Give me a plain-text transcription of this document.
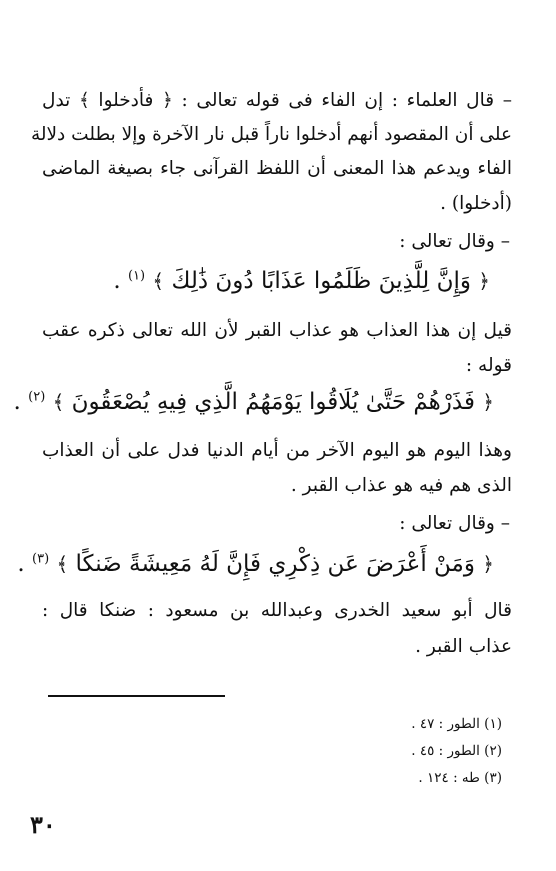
– قال العلماء : إن الفاء فى قوله تعالى : ﴿ فأدخلوا ﴾ تدل
على أن المقصود أنهم أدخلوا ناراً قبل نار الآخرة وإلا بطلت دلالة
الفاء ويدعم هذا المعنى أن اللفظ القرآنى جاء بصيغة الماضى
(أدخلوا) .
– وقال تعالى :
﴿ وَإِنَّ لِلَّذِينَ ظَلَمُوا عَذَابًا دُونَ ذَٰلِكَ ﴾ $^{(١)}$ .
قيل إن هذا العذاب هو عذاب القبر لأن الله تعالى ذكره عقب
قوله :
﴿ فَذَرْهُمْ حَتَّىٰ يُلَاقُوا يَوْمَهُمُ الَّذِي فِيهِ يُصْعَقُونَ ﴾ $^{(٢)}$ .
وهذا اليوم هو اليوم الآخر من أيام الدنيا فدل على أن العذاب
الذى هم فيه هو عذاب القبر .
– وقال تعالى :
﴿ وَمَنْ أَعْرَضَ عَن ذِكْرِي فَإِنَّ لَهُ مَعِيشَةً ضَنكًا ﴾ $^{(٣)}$ .
قال أبو سعيد الخدرى وعبدالله بن مسعود : ضنكا قال :
عذاب القبر .
(١) الطور : ٤٧ .
(٢) الطور : ٤٥ .
(٣) طه : ١٢٤ .
٣٠
